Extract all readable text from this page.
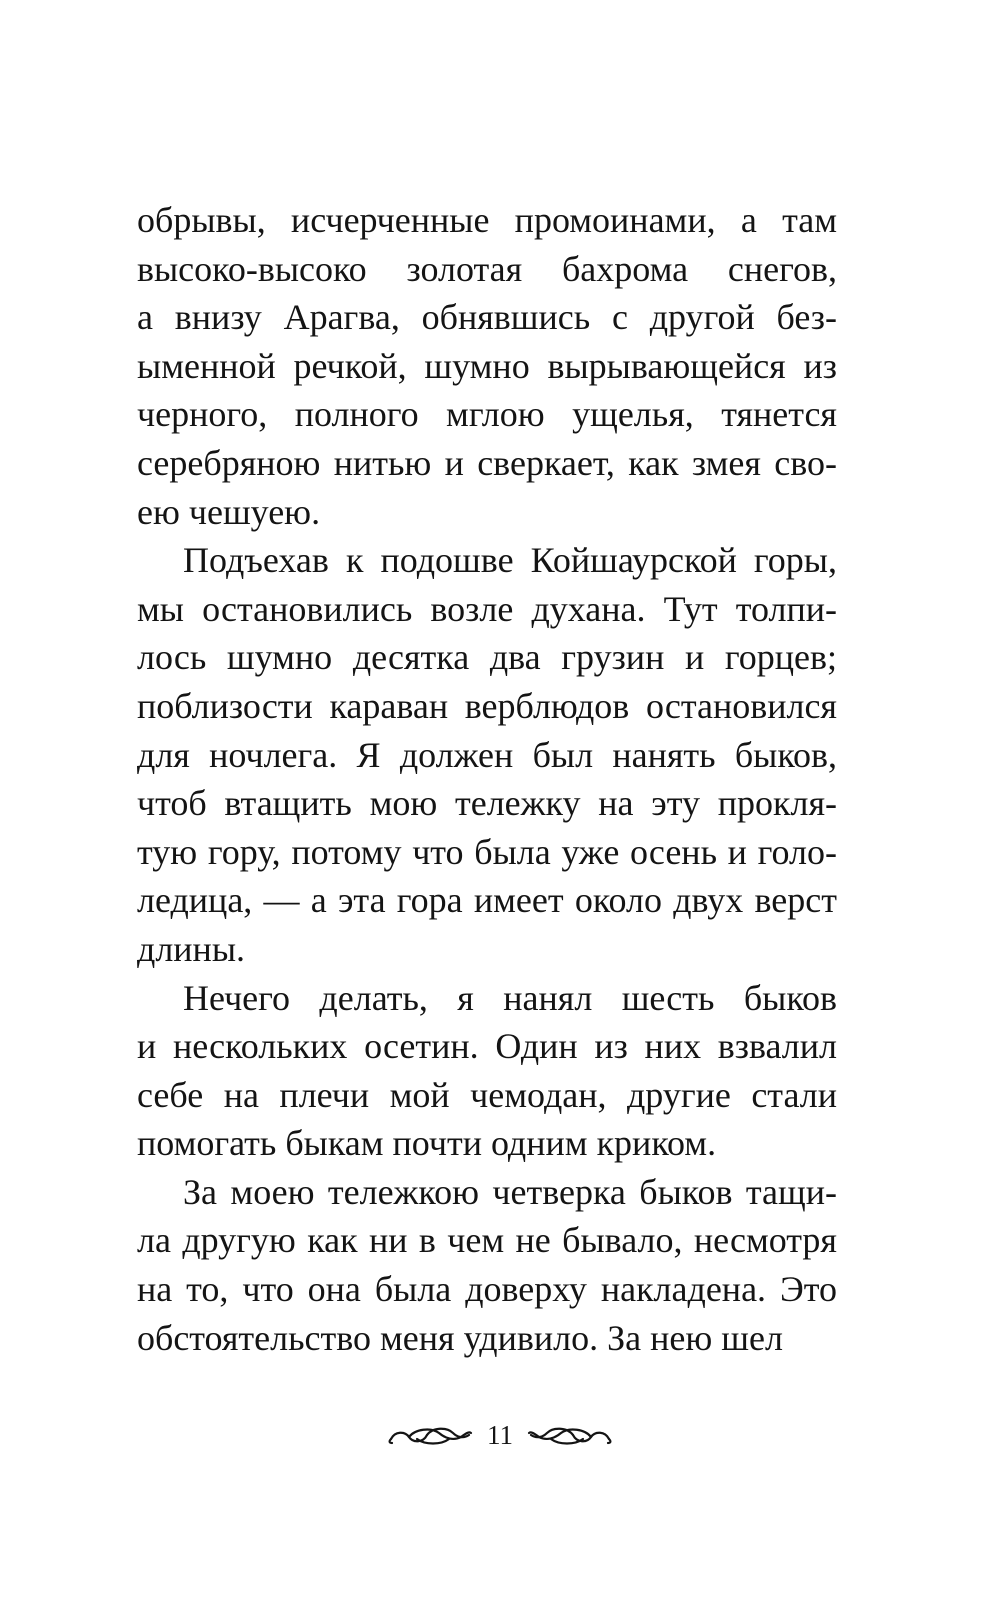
обрывы, исчерченные промоинами, а там
высоко-высоко золотая бахрома снегов,
а внизу Арагва, обнявшись с другой без-
ыменной речкой, шумно вырывающейся из
черного, полного мглою ущелья, тянется
серебряною нитью и сверкает, как змея сво-
ею чешуею.
Подъехав к подошве Койшаурской горы,
мы остановились возле духана. Тут толпи-
лось шумно десятка два грузин и горцев;
поблизости караван верблюдов остановился
для ночлега. Я должен был нанять быков,
чтоб втащить мою тележку на эту прокля-
тую гору, потому что была уже осень и голо-
ледица, — а эта гора имеет около двух верст
длины.
Нечего делать, я нанял шесть быков
и нескольких осетин. Один из них взвалил
себе на плечи мой чемодан, другие стали
помогать быкам почти одним криком.
За моею тележкою четверка быков тащи-
ла другую как ни в чем не бывало, несмотря
на то, что она была доверху накладена. Это
обстоятельство меня удивило. За нею шел
11
